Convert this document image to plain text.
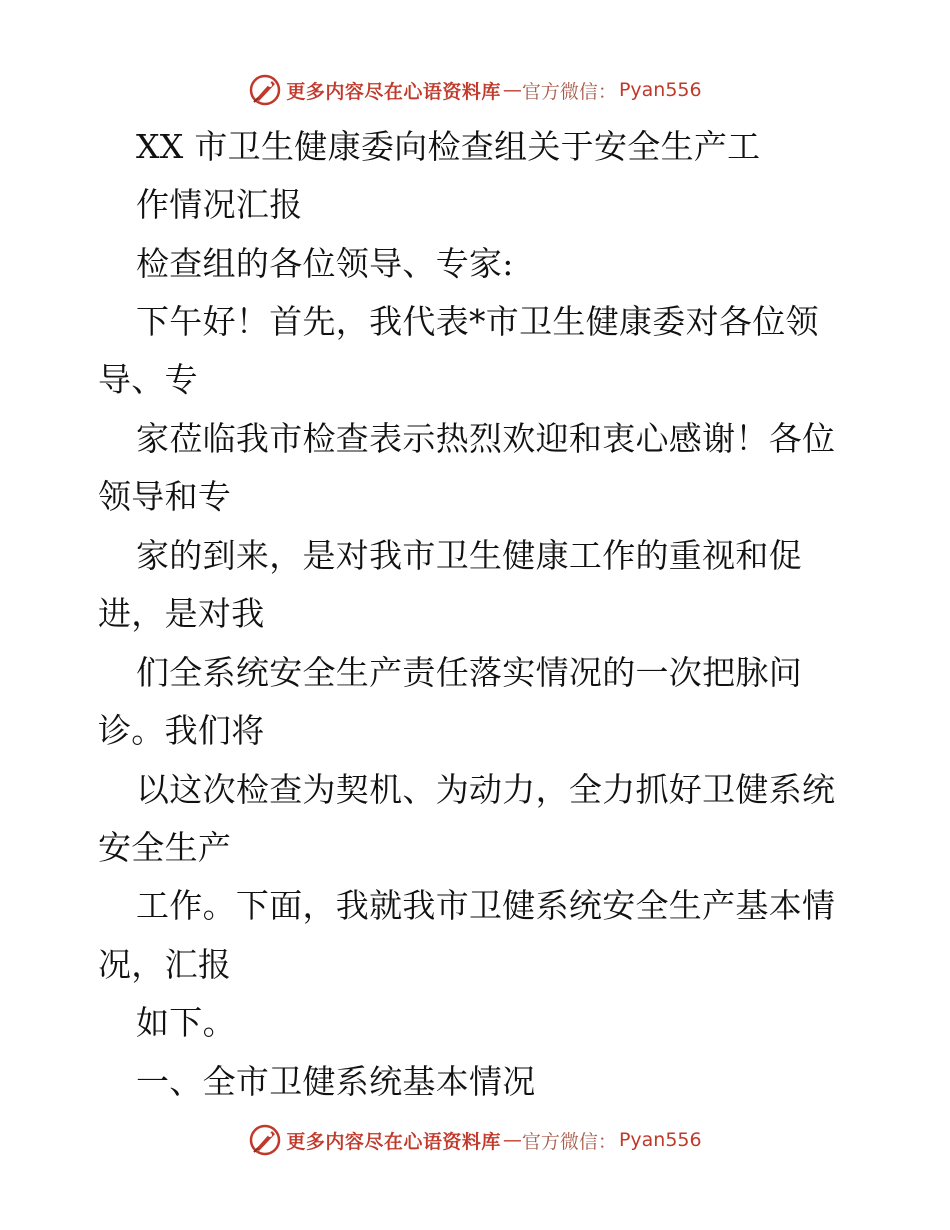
更多内容尽在心语资料库 — 官方微信： Pyan556
XX 市卫生健康委向检查组关于安全生产工
作情况汇报
检查组的各位领导、专家:
下午好！首先，我代表*市卫生健康委对各位领
导、专
家莅临我市检查表示热烈欢迎和衷心感谢！各位
领导和专
家的到来，是对我市卫生健康工作的重视和促
进，是对我
们全系统安全生产责任落实情况的一次把脉问
诊。我们将
以这次检查为契机、为动力，全力抓好卫健系统
安全生产
工作。下面，我就我市卫健系统安全生产基本情
况，汇报
如下。
一、全市卫健系统基本情况
更多内容尽在心语资料库 — 官方微信： Pyan556
